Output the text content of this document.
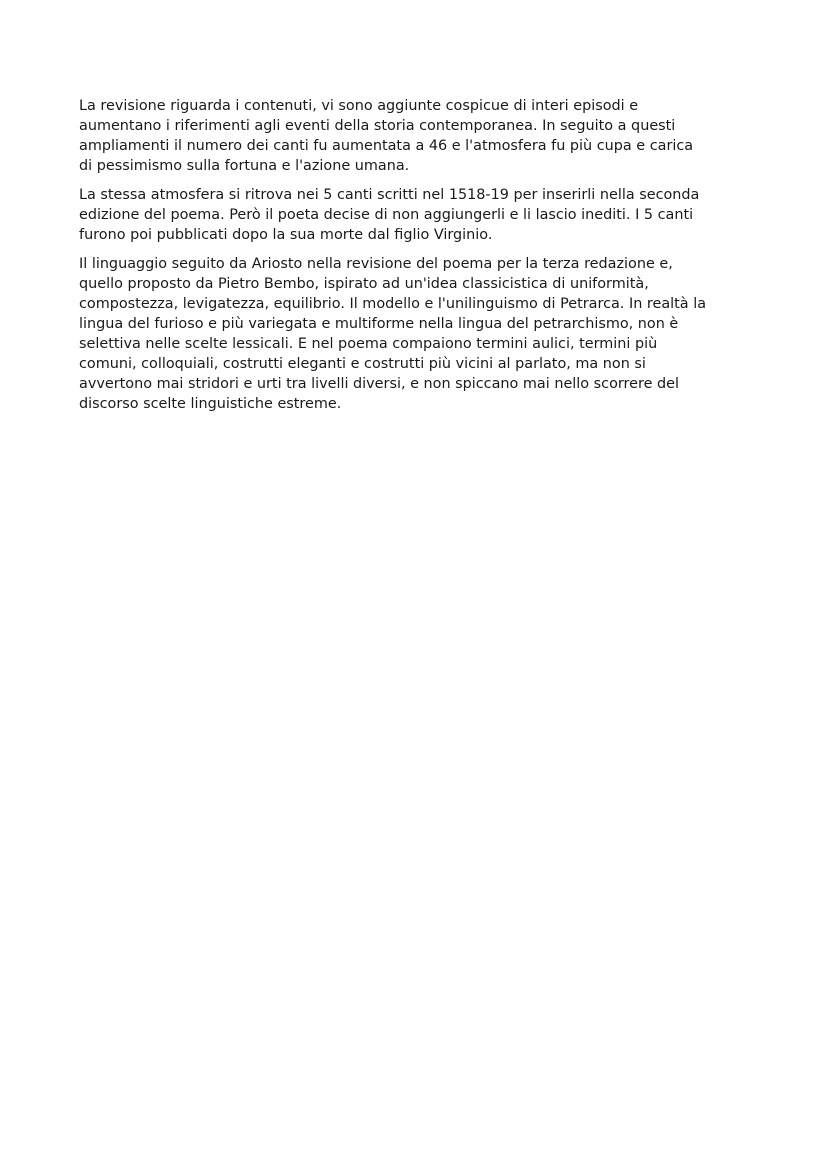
La revisione riguarda i contenuti, vi sono aggiunte cospicue di interi episodi e
aumentano i riferimenti agli eventi della storia contemporanea. In seguito a questi
ampliamenti il numero dei canti fu aumentata a 46 e l'atmosfera fu più cupa e carica
di pessimismo sulla fortuna e l'azione umana.

La stessa atmosfera si ritrova nei 5 canti scritti nel 1518-19 per inserirli nella seconda
edizione del poema. Però il poeta decise di non aggiungerli e li lascio inediti. I 5 canti
furono poi pubblicati dopo la sua morte dal figlio Virginio.

Il linguaggio seguito da Ariosto nella revisione del poema per la terza redazione e,
quello proposto da Pietro Bembo, ispirato ad un'idea classicistica di uniformità,
compostezza, levigatezza, equilibrio. Il modello e l'unilinguismo di Petrarca. In realtà la
lingua del furioso e più variegata e multiforme nella lingua del petrarchismo, non è
selettiva nelle scelte lessicali. E nel poema compaiono termini aulici, termini più
comuni, colloquiali, costrutti eleganti e costrutti più vicini al parlato, ma non si
avvertono mai stridori e urti tra livelli diversi, e non spiccano mai nello scorrere del
discorso scelte linguistiche estreme.
